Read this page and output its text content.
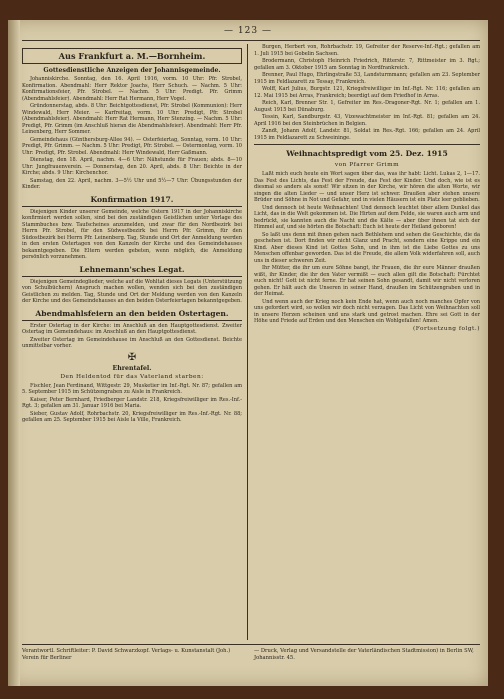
— 123 —
Aus Frankfurt a. M.—Bornheim.
Gottesdienstliche Anzeigen der Johannisgemeinde.

Johanniskirche. Sonntag, den 16. April 1916, vorm. 10 Uhr: Pfr. Strobel, Konfirmation. Abendmahl: Herr Rektor Joachs, Herr Schuch. — Nachm. 5 Uhr: Konfirmationsfeier, Pfr. Strobel. — Nachm. 5 Uhr: Predigt. Pfr. Grimm (Abendmahlsfeier). Abendmahl: Herr Rat Hermann, Herr Vogel.

Gründonnerstag, abds. 8 Uhr: Beichtgottesdienst, Pfr. Strobel (Kommunion): Herr Windewald, Herr Meier. — Karfreitag, vorm. 10 Uhr: Predigt, Pfr. Strobel (Abendmahlsfeier). Abendmahl: Herr Rat Hermann, Herr Stenzing. — Nachm. 5 Uhr: Predigt, Pfr. Grimm (im Anschluß hieran die Abendmahlsfeier). Abendmahl: Herr Pfr. Leinenberg, Herr Sommer.

Gemeindehaus (Günthersburg-Allee 94). — Osterfeiertag, Sonntag, vorm. 10 Uhr: Predigt, Pfr. Grimm. — Nachm. 5 Uhr: Predigt, Pfr. Strobel. — Ostermontag, vorm. 10 Uhr: Predigt, Pfr. Strobel. Abendmahl: Herr Windewald, Herr Gaßmann.

Dienstag, den 18. April, nachm. 4—6 Uhr: Nähstunde für Frauen; abds. 8—10 Uhr: Jungfrauenverein. — Donnerstag, den 20. April, abds. 8 Uhr: Beichte in der Kirche; abds. 9 Uhr: Kirchenchor.

Samstag, den 22. April, nachm. 3—5½ Uhr und 5½—7 Uhr: Übungsstunden der Kinder.

Konfirmation 1917.

Diejenigen Kinder unserer Gemeinde, welche Ostern 1917 in der Johanniskirche konfirmiert werden sollen, sind bei den zuständigen Geistlichen unter Vorlage des Stammbuches bzw. Taufscheines anzumelden, und zwar für den Nordbezirk bei Herrn Pfr. Strobel, für den Südwestbezirk bei Herrn Pfr. Grimm, für den Südostbezirk bei Herrn Pfr. Leinenberg. Tag, Stunde und Ort der Anmeldung werden in den ersten Ostertagen von den Kanzeln der Kirche und des Gemeindehauses bekanntgegeben. Die Eltern werden gebeten, wenn möglich, die Anmeldung persönlich vorzunehmen.

Lehnemann'sches Legat.

Diejenigen Gemeindeglieder, welche auf die Wohltat dieses Legats (Unterstützung von Schulbüchern) Anspruch machen wollen, wenden sich bei den zuständigen Geistlichen zu melden. Tag, Stunde und Ort der Meldung werden von den Kanzeln der Kirche und des Gemeindehauses an den beiden Osterfeiertagen bekanntgegeben.

Abendmahlsfeiern an den beiden Ostertagen.

Erster Ostertag in der Kirche: im Anschluß an den Hauptgottesdienst. Zweiter Ostertag im Gemeindehaus: im Anschluß an den Hauptgottesdienst.

Zweiter Ostertag im Gemeindehause im Anschluß an den Gottesdienst. Beichte unmittelbar vorher.

✠
Ehrentafel.
Den Heldentod für das Vaterland starben:

Fischler, Jean Ferdinand, Wittgestr. 29, Musketier im Inf.-Rgt. Nr. 87; gefallen am 5. September 1915 im Schützengraben zu Aisle in Frankreich.

Kaiser, Peter Bernhard, Friedberger Landstr. 218, Kriegsfreiwilliger im Res.-Inf.-Rgt. 3; gefallen am 31. Januar 1916 bei Maria.

Sieber, Gustav Adolf, Rohrbachstr. 20, Kriegsfreiwilliger im Res.-Inf.-Rgt. Nr. 88; gefallen am 25. September 1915 bei Aisle la Ville, Frankreich.

Burgen, Herbert von, Rohrbachstr. 19, Gefreiter der Reserve-Inf.-Rgt.; gefallen am 1. Juli 1915 bei Gobelin Sachsen.

Brodermann, Christoph Heinrich Friedrich, Ritterstr. 7, Rittmeister im 3. Rgt.; gefallen am 3. Oktober 1915 am Sonntag in Nordfrankreich.

Brenner, Paul Hugo, Ehrlingstraße 53, Landsturmmann; gefallen am 23. September 1915 im Feldlazarett zu Tessay, Frankreich.

Wolff, Karl Julius, Burgstr. 121, Kriegsfreiwilliger im Inf.-Rgt. Nr. 116; gefallen am 12. Mai 1915 bei Arras, Frankreich; beerdigt auf dem Friedhof in Arras.

Reich, Karl, Brenner Str. 1, Gefreiter im Res.-Dragoner-Rgt. Nr. 1; gefallen am 1. August 1915 bei Dünaburg.

Tessin, Karl, Sandburgstr. 43, Vizewachtmeister im Inf.-Rgt. 81; gefallen am 24. April 1916 bei den Steinbrüchen in Belgien.

Zandt, Johann Adolf, Landstr. 81, Soldat im Res.-Rgt. 166; gefallen am 24. April 1915 im Feldlazarett zu Schweininge.

Weihnachtspredigt vom 25. Dez. 1915
von Pfarrer Grimm

Laßt mich euch heute ein Wort sagen über das, was ihr habt: Licht. Lukas 2, 1—17. Das Fest des Lichts, das Fest der Freude, das Fest der Kinder. Und doch, wie ist es diesmal so anders als sonst! Wir sitzen in der Kirche, wir hören die alten Worte, wir singen die alten Lieder — und unser Herz ist schwer. Draußen aber stehen unsere Brüder und Söhne in Not und Gefahr, und in vielen Häusern ist ein Platz leer geblieben.

Und dennoch ist heute Weihnachten! Und dennoch leuchtet über allem Dunkel das Licht, das in die Welt gekommen ist. Die Hirten auf dem Felde, sie waren auch arm und bedrückt, sie kannten auch die Nacht und die Kälte — aber über ihnen tat sich der Himmel auf, und sie hörten die Botschaft: Euch ist heute der Heiland geboren!

So laßt uns denn mit ihnen gehen nach Bethlehem und sehen die Geschichte, die da geschehen ist. Dort finden wir nicht Glanz und Pracht, sondern eine Krippe und ein Kind. Aber dieses Kind ist Gottes Sohn, und in ihm ist die Liebe Gottes zu uns Menschen offenbar geworden. Das ist die Freude, die allem Volk widerfahren soll, auch uns in dieser schweren Zeit.

Ihr Mütter, die ihr um eure Söhne bangt, ihr Frauen, die ihr eure Männer draußen wißt, ihr Kinder, die ihr den Vater vermißt — euch allen gilt die Botschaft: Fürchtet euch nicht! Gott ist nicht ferne. Er hat seinen Sohn gesandt, damit wir nicht verloren gehen. Er hält auch die Unseren in seiner Hand, draußen im Schützengraben und in der Heimat.

Und wenn auch der Krieg noch kein Ende hat, wenn auch noch manches Opfer von uns gefordert wird, so wollen wir doch nicht verzagen. Das Licht von Weihnachten soll in unsere Herzen scheinen und uns stark und getrost machen. Ehre sei Gott in der Höhe und Friede auf Erden und den Menschen ein Wohlgefallen! Amen.

(Fortsetzung folgt.)
Verantwortl. Schriftleiter: P. David Schwarzkopf. Verlags- u. Kunstanstalt (Joh.) Verein für Berliner
— Druck, Verlag und Versandstelle der Vaterländischen Stadtmission) in Berlin SW, Johannisstr. 45.
